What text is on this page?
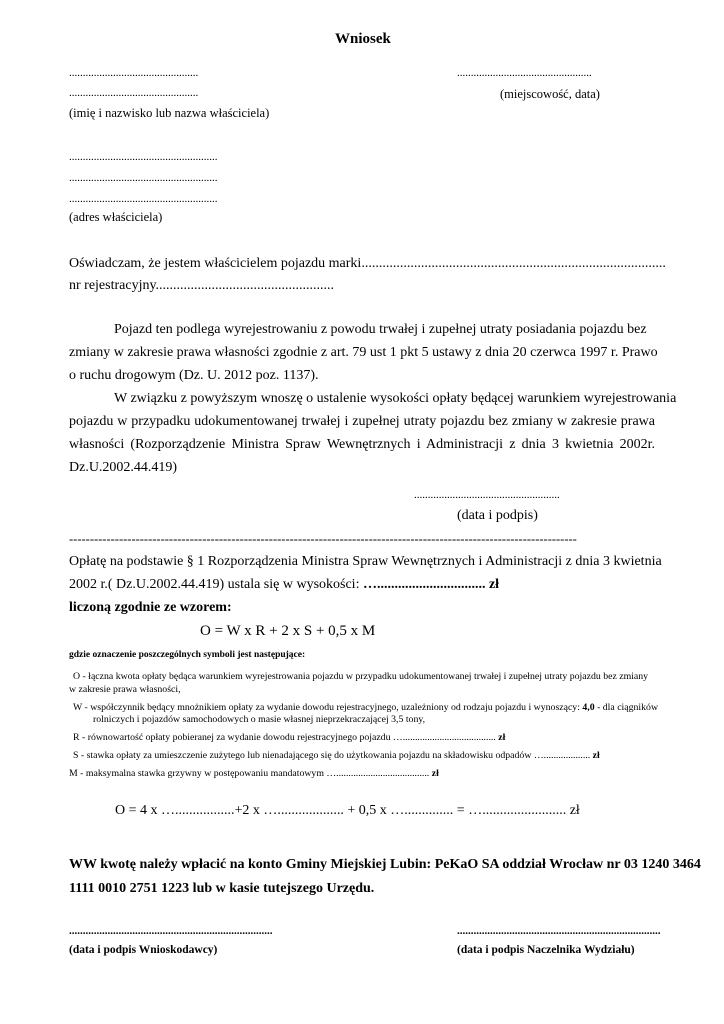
Wniosek
...............................................
...............................................
(imię i nazwisko lub nazwa właściciela)
.................................................
(miejscowość, data)
......................................................
......................................................
......................................................
(adres właściciela)
Oświadczam, że jestem właścicielem pojazdu marki.......................................................................................
nr rejestracyjny...................................................
Pojazd ten podlega wyrejestrowaniu z powodu trwałej i zupełnej utraty posiadania pojazdu bez
zmiany w zakresie prawa własności zgodnie z art. 79 ust 1 pkt 5 ustawy z dnia 20 czerwca 1997 r. Prawo
o ruchu drogowym (Dz. U. 2012 poz. 1137).
W związku z powyższym wnoszę o ustalenie wysokości opłaty będącej warunkiem wyrejestrowania
pojazdu w przypadku udokumentowanej trwałej i zupełnej utraty pojazdu bez zmiany w zakresie prawa
własności (Rozporządzenie Ministra Spraw Wewnętrznych i Administracji z dnia 3 kwietnia 2002r.
Dz.U.2002.44.419)
.....................................................
(data i podpis)
--------------------------------------------------------------------------------------------------------------------------
Opłatę na podstawie § 1 Rozporządzenia Ministra Spraw Wewnętrznych i Administracji z dnia 3 kwietnia
2002 r.( Dz.U.2002.44.419) ustala się w wysokości: …............................... zł
liczoną zgodnie ze wzorem:
O = W x R + 2 x S + 0,5 x M
gdzie oznaczenie poszczególnych symboli jest następujące:
O - łączna kwota opłaty będąca warunkiem wyrejestrowania pojazdu w przypadku udokumentowanej trwałej i zupełnej utraty pojazdu bez zmiany
w zakresie prawa własności,
W - współczynnik będący mnożnikiem opłaty za wydanie dowodu rejestracyjnego, uzależniony od rodzaju pojazdu i wynoszący: 4,0 - dla ciągników
rolniczych i pojazdów samochodowych o masie własnej nieprzekraczającej 3,5 tony,
R - równowartość opłaty pobieranej za wydanie dowodu rejestracyjnego pojazdu …...................................... zł
S - stawka opłaty za umieszczenie zużytego lub nienadającego się do użytkowania pojazdu na składowisku odpadów …................... zł
M - maksymalna stawka grzywny w postępowaniu mandatowym …...................................... zł
O = 4 x ….................+2 x …................... + 0,5 x ….............. = …........................ zł
WW kwotę należy wpłacić na konto Gminy Miejskiej Lubin: PeKaO SA oddział Wrocław nr 03 1240 3464
1111 0010 2751 1223 lub w kasie tutejszego Urzędu.
..........................................................................
(data i podpis Wnioskodawcy)
..........................................................................
(data i podpis Naczelnika Wydziału)
